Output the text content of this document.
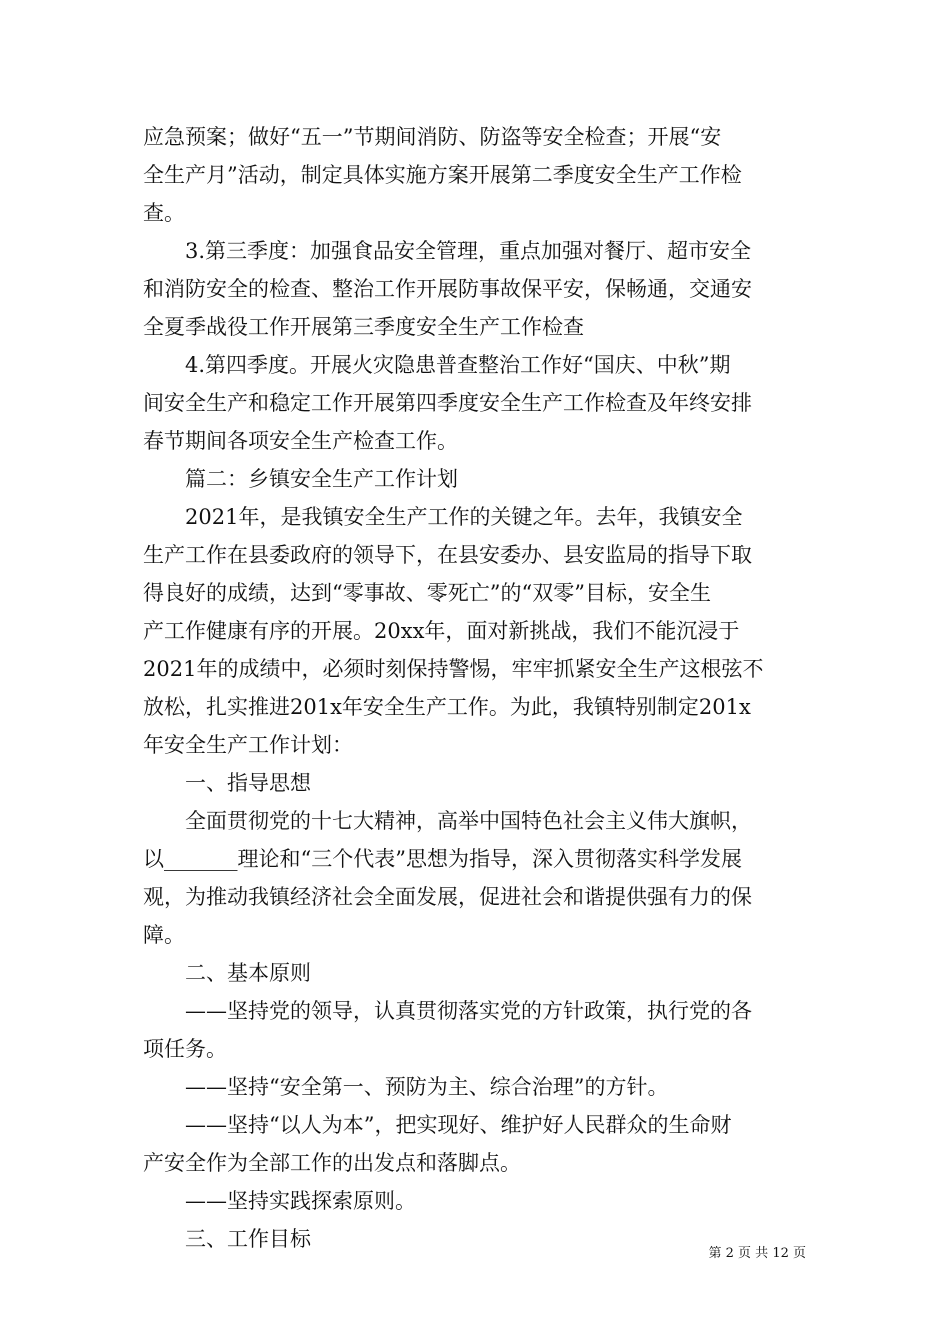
应急预案；做好“五一”节期间消防、防盗等安全检查；开展“安
全生产月”活动，制定具体实施方案开展第二季度安全生产工作检
查。
　　3.第三季度：加强食品安全管理，重点加强对餐厅、超市安全
和消防安全的检查、整治工作开展防事故保平安，保畅通，交通安
全夏季战役工作开展第三季度安全生产工作检查
　　4.第四季度。开展火灾隐患普查整治工作好“国庆、中秋”期
间安全生产和稳定工作开展第四季度安全生产工作检查及年终安排
春节期间各项安全生产检查工作。
　　篇二：乡镇安全生产工作计划
　　2021年，是我镇安全生产工作的关键之年。去年，我镇安全
生产工作在县委政府的领导下，在县安委办、县安监局的指导下取
得良好的成绩，达到“零事故、零死亡”的“双零”目标，安全生
产工作健康有序的开展。20xx年，面对新挑战，我们不能沉浸于
2021年的成绩中，必须时刻保持警惕，牢牢抓紧安全生产这根弦不
放松，扎实推进201x年安全生产工作。为此，我镇特别制定201x
年安全生产工作计划：
　　一、指导思想
　　全面贯彻党的十七大精神，高举中国特色社会主义伟大旗帜，
以_______理论和“三个代表”思想为指导，深入贯彻落实科学发展
观，为推动我镇经济社会全面发展，促进社会和谐提供强有力的保
障。
　　二、基本原则
　　——坚持党的领导，认真贯彻落实党的方针政策，执行党的各
项任务。
　　——坚持“安全第一、预防为主、综合治理”的方针。
　　——坚持“以人为本”，把实现好、维护好人民群众的生命财
产安全作为全部工作的出发点和落脚点。
　　——坚持实践探索原则。
　　三、工作目标
第 2 页 共 12 页
